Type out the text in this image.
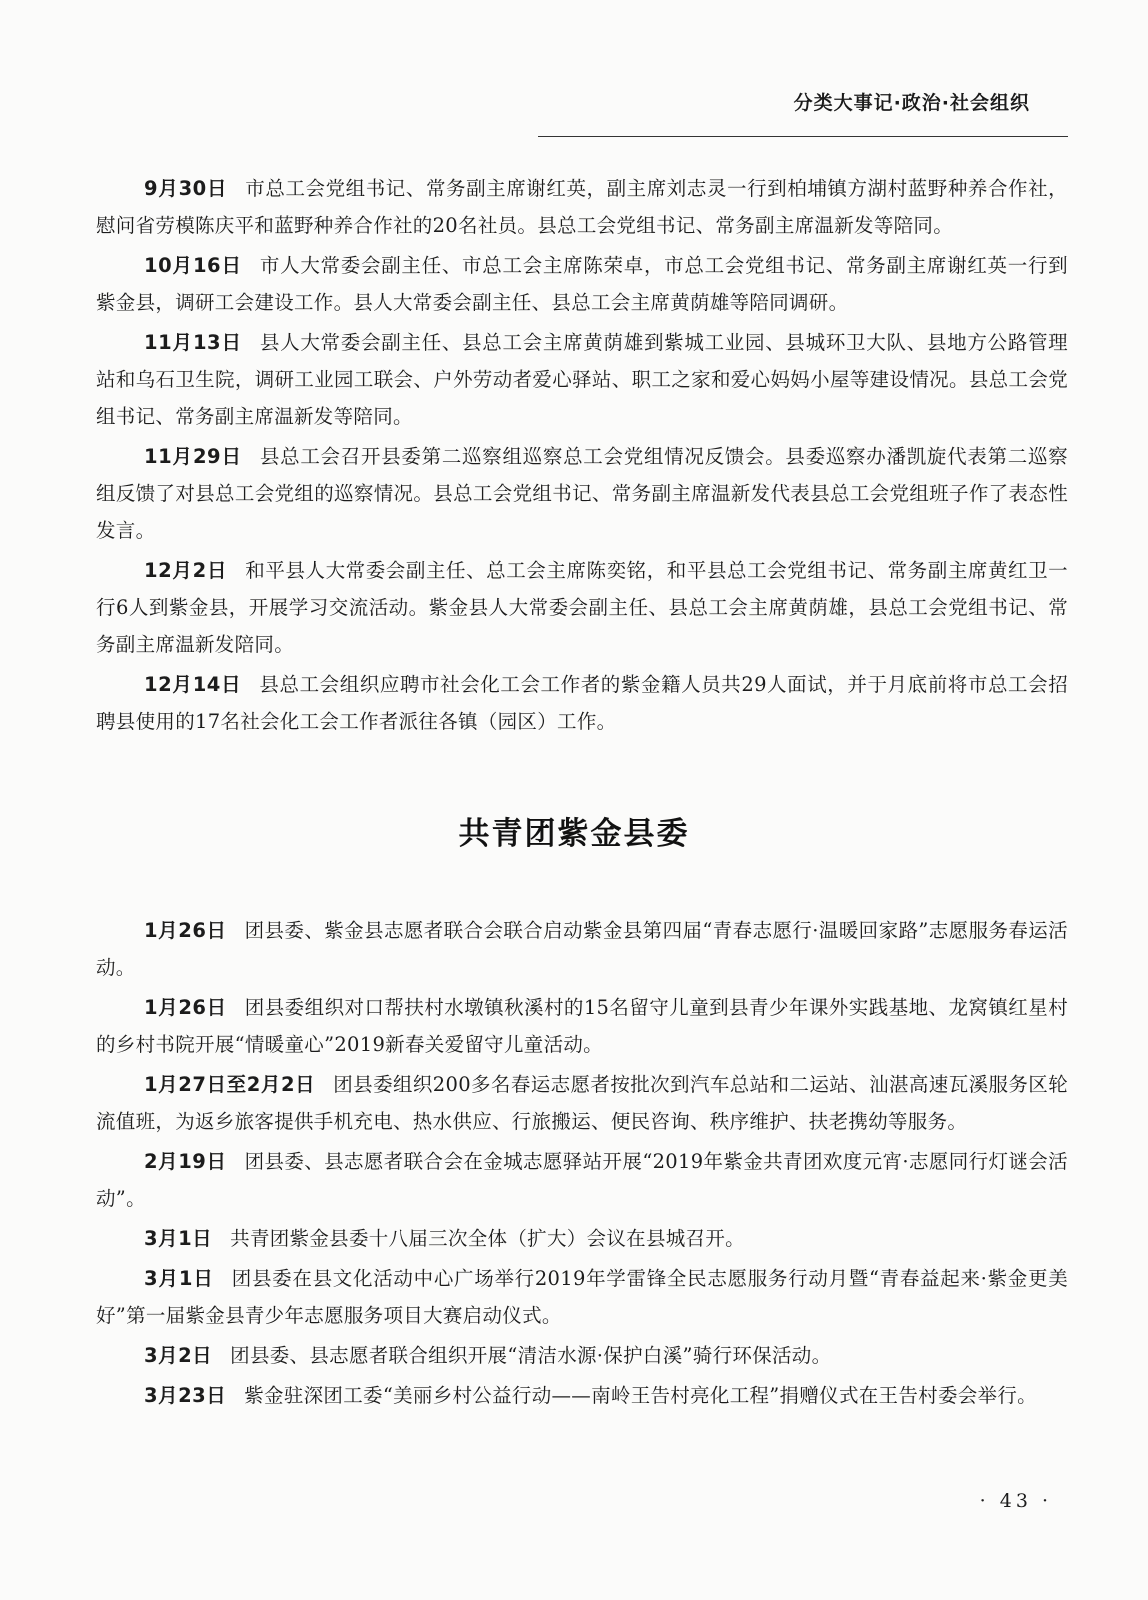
分类大事记·政治·社会组织

9月30日 市总工会党组书记、常务副主席谢红英，副主席刘志灵一行到柏埔镇方湖村蓝野种养合作社，慰问省劳模陈庆平和蓝野种养合作社的20名社员。县总工会党组书记、常务副主席温新发等陪同。

10月16日 市人大常委会副主任、市总工会主席陈荣卓，市总工会党组书记、常务副主席谢红英一行到紫金县，调研工会建设工作。县人大常委会副主任、县总工会主席黄荫雄等陪同调研。

11月13日 县人大常委会副主任、县总工会主席黄荫雄到紫城工业园、县城环卫大队、县地方公路管理站和乌石卫生院，调研工业园工联会、户外劳动者爱心驿站、职工之家和爱心妈妈小屋等建设情况。县总工会党组书记、常务副主席温新发等陪同。

11月29日 县总工会召开县委第二巡察组巡察总工会党组情况反馈会。县委巡察办潘凯旋代表第二巡察组反馈了对县总工会党组的巡察情况。县总工会党组书记、常务副主席温新发代表县总工会党组班子作了表态性发言。

12月2日 和平县人大常委会副主任、总工会主席陈奕铭，和平县总工会党组书记、常务副主席黄红卫一行6人到紫金县，开展学习交流活动。紫金县人大常委会副主任、县总工会主席黄荫雄，县总工会党组书记、常务副主席温新发陪同。

12月14日 县总工会组织应聘市社会化工会工作者的紫金籍人员共29人面试，并于月底前将市总工会招聘县使用的17名社会化工会工作者派往各镇（园区）工作。

共青团紫金县委

1月26日 团县委、紫金县志愿者联合会联合启动紫金县第四届“青春志愿行·温暖回家路”志愿服务春运活动。

1月26日 团县委组织对口帮扶村水墩镇秋溪村的15名留守儿童到县青少年课外实践基地、龙窝镇红星村的乡村书院开展“情暖童心”2019新春关爱留守儿童活动。

1月27日至2月2日 团县委组织200多名春运志愿者按批次到汽车总站和二运站、汕湛高速瓦溪服务区轮流值班，为返乡旅客提供手机充电、热水供应、行旅搬运、便民咨询、秩序维护、扶老携幼等服务。

2月19日 团县委、县志愿者联合会在金城志愿驿站开展“2019年紫金共青团欢度元宵·志愿同行灯谜会活动”。

3月1日 共青团紫金县委十八届三次全体（扩大）会议在县城召开。

3月1日 团县委在县文化活动中心广场举行2019年学雷锋全民志愿服务行动月暨“青春益起来·紫金更美好”第一届紫金县青少年志愿服务项目大赛启动仪式。

3月2日 团县委、县志愿者联合组织开展“清洁水源·保护白溪”骑行环保活动。

3月23日 紫金驻深团工委“美丽乡村公益行动——南岭王告村亮化工程”捐赠仪式在王告村委会举行。

· 43 ·
